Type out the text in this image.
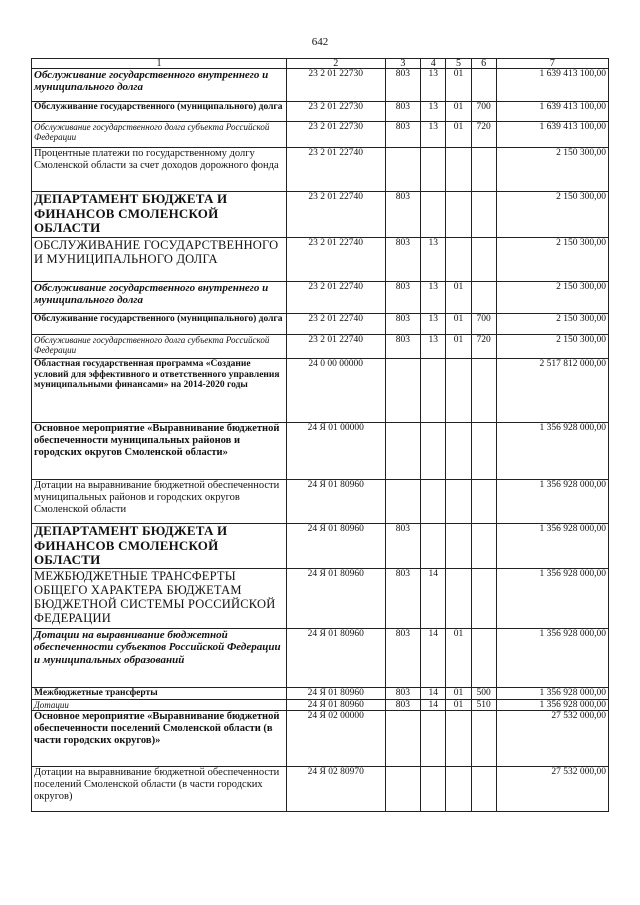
642
1	2	3	4	5	6	7
Обслуживание государственного внутреннего и муниципального долга	23 2 01 22730	803	13	01		1 639 413 100,00
Обслуживание государственного (муниципального) долга	23 2 01 22730	803	13	01	700	1 639 413 100,00
Обслуживание государственного долга субъекта Российской Федерации	23 2 01 22730	803	13	01	720	1 639 413 100,00
Процентные платежи по государственному долгу Смоленской области за счет доходов дорожного фонда	23 2 01 22740					2 150 300,00
ДЕПАРТАМЕНТ БЮДЖЕТА И ФИНАНСОВ СМОЛЕНСКОЙ ОБЛАСТИ	23 2 01 22740	803				2 150 300,00
ОБСЛУЖИВАНИЕ ГОСУДАРСТВЕННОГО И МУНИЦИПАЛЬНОГО ДОЛГА	23 2 01 22740	803	13			2 150 300,00
Обслуживание государственного внутреннего и муниципального долга	23 2 01 22740	803	13	01		2 150 300,00
Обслуживание государственного (муниципального) долга	23 2 01 22740	803	13	01	700	2 150 300,00
Обслуживание государственного долга субъекта Российской Федерации	23 2 01 22740	803	13	01	720	2 150 300,00
Областная государственная программа «Создание условий для эффективного и ответственного управления муниципальными финансами» на 2014-2020 годы	24 0 00 00000					2 517 812 000,00
Основное мероприятие «Выравнивание бюджетной обеспеченности муниципальных районов и городских округов Смоленской области»	24 Я 01 00000					1 356 928 000,00
Дотации на выравнивание бюджетной обеспеченности муниципальных районов и городских округов Смоленской области	24 Я 01 80960					1 356 928 000,00
ДЕПАРТАМЕНТ БЮДЖЕТА И ФИНАНСОВ СМОЛЕНСКОЙ ОБЛАСТИ	24 Я 01 80960	803				1 356 928 000,00
МЕЖБЮДЖЕТНЫЕ ТРАНСФЕРТЫ ОБЩЕГО ХАРАКТЕРА БЮДЖЕТАМ БЮДЖЕТНОЙ СИСТЕМЫ РОССИЙСКОЙ ФЕДЕРАЦИИ	24 Я 01 80960	803	14			1 356 928 000,00
Дотации на выравнивание бюджетной обеспеченности субъектов Российской Федерации и муниципальных образований	24 Я 01 80960	803	14	01		1 356 928 000,00
Межбюджетные трансферты	24 Я 01 80960	803	14	01	500	1 356 928 000,00
Дотации	24 Я 01 80960	803	14	01	510	1 356 928 000,00
Основное мероприятие «Выравнивание бюджетной обеспеченности поселений Смоленской области (в части городских округов)»	24 Я 02 00000					27 532 000,00
Дотации на выравнивание бюджетной обеспеченности поселений Смоленской области (в части городских округов)	24 Я 02 80970					27 532 000,00
